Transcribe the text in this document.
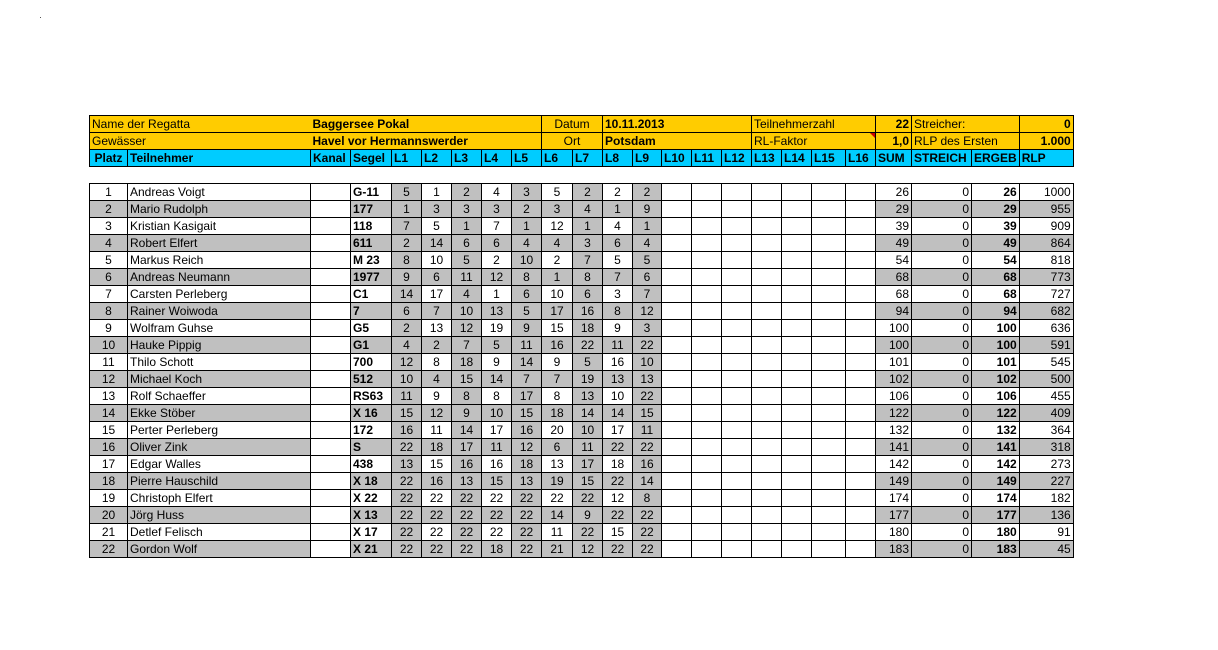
Name der Regatta		Baggersee Pokal							Datum		10.11.2013					Teilnehmerzahl				22	Streicher:		0
Gewässer		Havel vor Hermannswerder							Ort		Potsdam					RL-Faktor				1,0	RLP des Ersten		1.000
Platz	Teilnehmer	Kanal	Segel	L1	L2	L3	L4	L5	L6	L7	L8	L9	L10	L11	L12	L13	L14	L15	L16	SUM	STREICH	ERGEB	RLP

1	Andreas Voigt		G-11	5	1	2	4	3	5	2	2	2								26	0	26	1000
2	Mario Rudolph		177	1	3	3	3	2	3	4	1	9								29	0	29	955
3	Kristian Kasigait		118	7	5	1	7	1	12	1	4	1								39	0	39	909
4	Robert Elfert		611	2	14	6	6	4	4	3	6	4								49	0	49	864
5	Markus Reich		M 23	8	10	5	2	10	2	7	5	5								54	0	54	818
6	Andreas Neumann		1977	9	6	11	12	8	1	8	7	6								68	0	68	773
7	Carsten Perleberg		C1	14	17	4	1	6	10	6	3	7								68	0	68	727
8	Rainer Woiwoda		7	6	7	10	13	5	17	16	8	12								94	0	94	682
9	Wolfram Guhse		G5	2	13	12	19	9	15	18	9	3								100	0	100	636
10	Hauke Pippig		G1	4	2	7	5	11	16	22	11	22								100	0	100	591
11	Thilo Schott		700	12	8	18	9	14	9	5	16	10								101	0	101	545
12	Michael Koch		512	10	4	15	14	7	7	19	13	13								102	0	102	500
13	Rolf Schaeffer		RS63	11	9	8	8	17	8	13	10	22								106	0	106	455
14	Ekke Stöber		X 16	15	12	9	10	15	18	14	14	15								122	0	122	409
15	Perter Perleberg		172	16	11	14	17	16	20	10	17	11								132	0	132	364
16	Oliver Zink		S	22	18	17	11	12	6	11	22	22								141	0	141	318
17	Edgar Walles		438	13	15	16	16	18	13	17	18	16								142	0	142	273
18	Pierre Hauschild		X 18	22	16	13	15	13	19	15	22	14								149	0	149	227
19	Christoph Elfert		X 22	22	22	22	22	22	22	22	12	8								174	0	174	182
20	Jörg Huss		X 13	22	22	22	22	22	14	9	22	22								177	0	177	136
21	Detlef Felisch		X 17	22	22	22	22	22	11	22	15	22								180	0	180	91
22	Gordon Wolf		X 21	22	22	22	18	22	21	12	22	22								183	0	183	45
